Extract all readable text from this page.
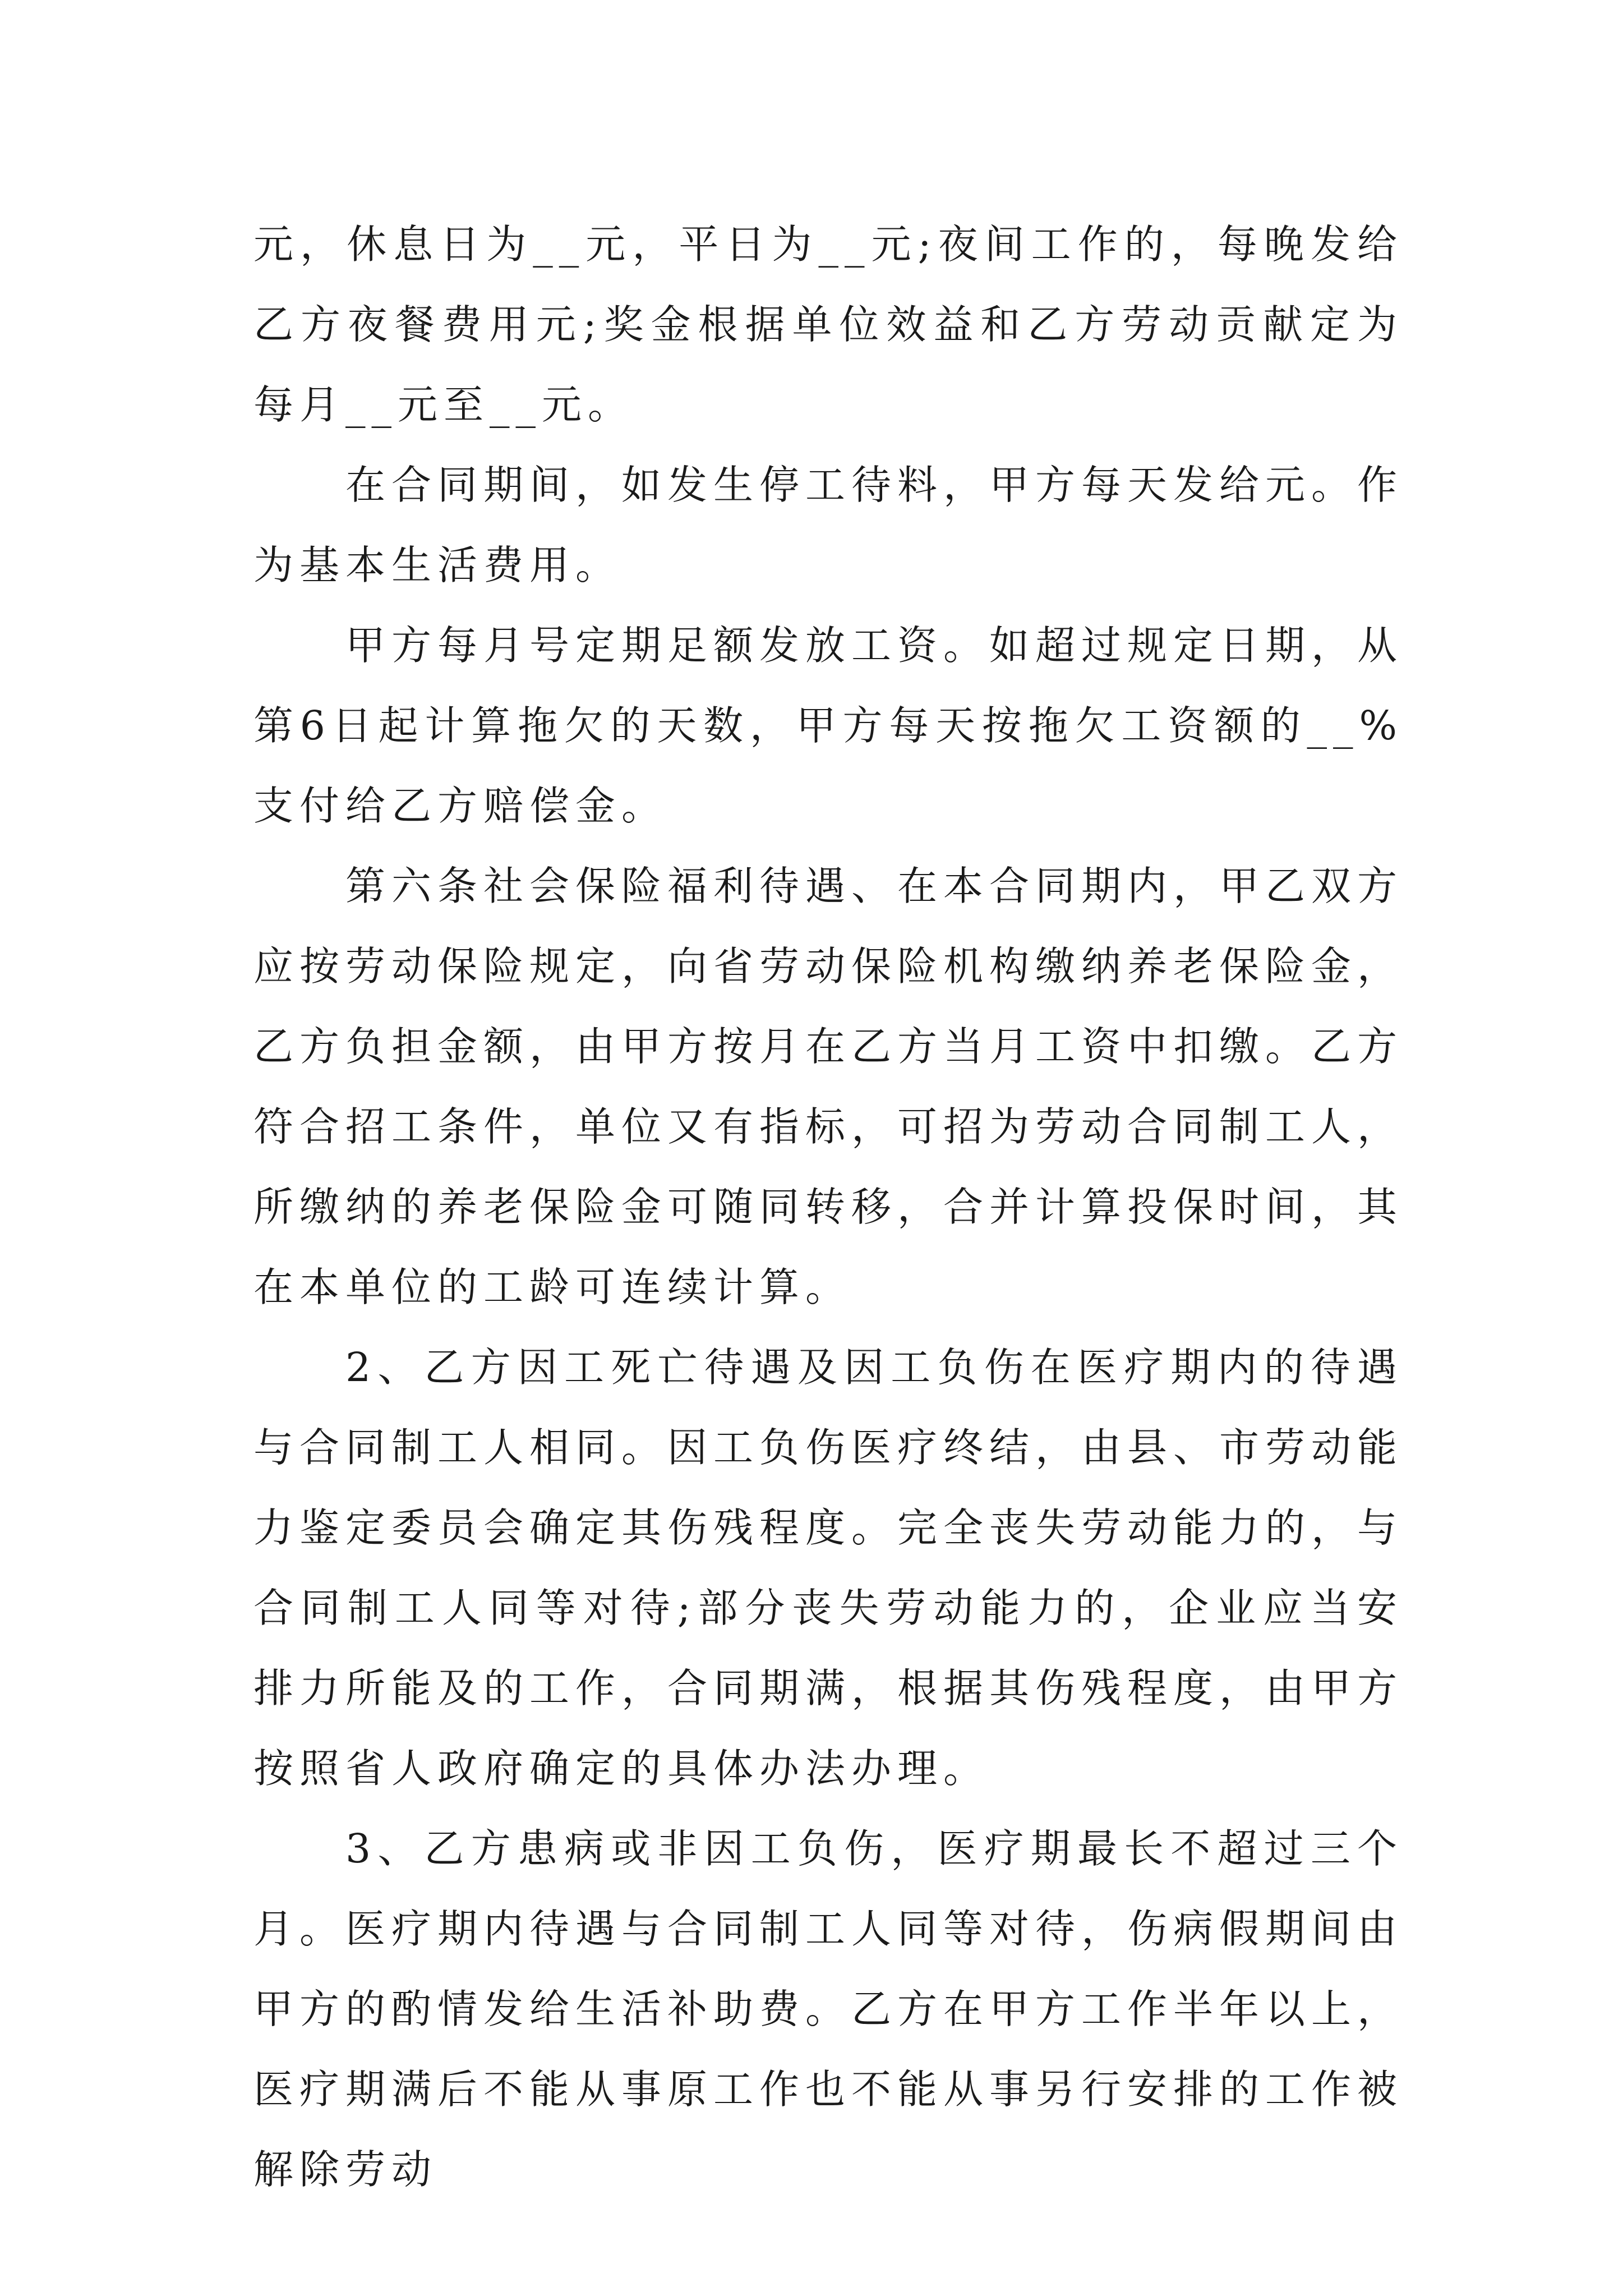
元，休息日为__元，平日为__元;夜间工作的，每晚发给乙方夜餐费用元;奖金根据单位效益和乙方劳动贡献定为每月__元至__元。

在合同期间，如发生停工待料，甲方每天发给元。作为基本生活费用。

甲方每月号定期足额发放工资。如超过规定日期，从第6日起计算拖欠的天数，甲方每天按拖欠工资额的__%支付给乙方赔偿金。

第六条社会保险福利待遇、在本合同期内，甲乙双方应按劳动保险规定，向省劳动保险机构缴纳养老保险金，乙方负担金额，由甲方按月在乙方当月工资中扣缴。乙方符合招工条件，单位又有指标，可招为劳动合同制工人，所缴纳的养老保险金可随同转移，合并计算投保时间，其在本单位的工龄可连续计算。

2、乙方因工死亡待遇及因工负伤在医疗期内的待遇与合同制工人相同。因工负伤医疗终结，由县、市劳动能力鉴定委员会确定其伤残程度。完全丧失劳动能力的，与合同制工人同等对待;部分丧失劳动能力的，企业应当安排力所能及的工作，合同期满，根据其伤残程度，由甲方按照省人政府确定的具体办法办理。

3、乙方患病或非因工负伤，医疗期最长不超过三个月。医疗期内待遇与合同制工人同等对待，伤病假期间由甲方的酌情发给生活补助费。乙方在甲方工作半年以上，医疗期满后不能从事原工作也不能从事另行安排的工作被解除劳动
